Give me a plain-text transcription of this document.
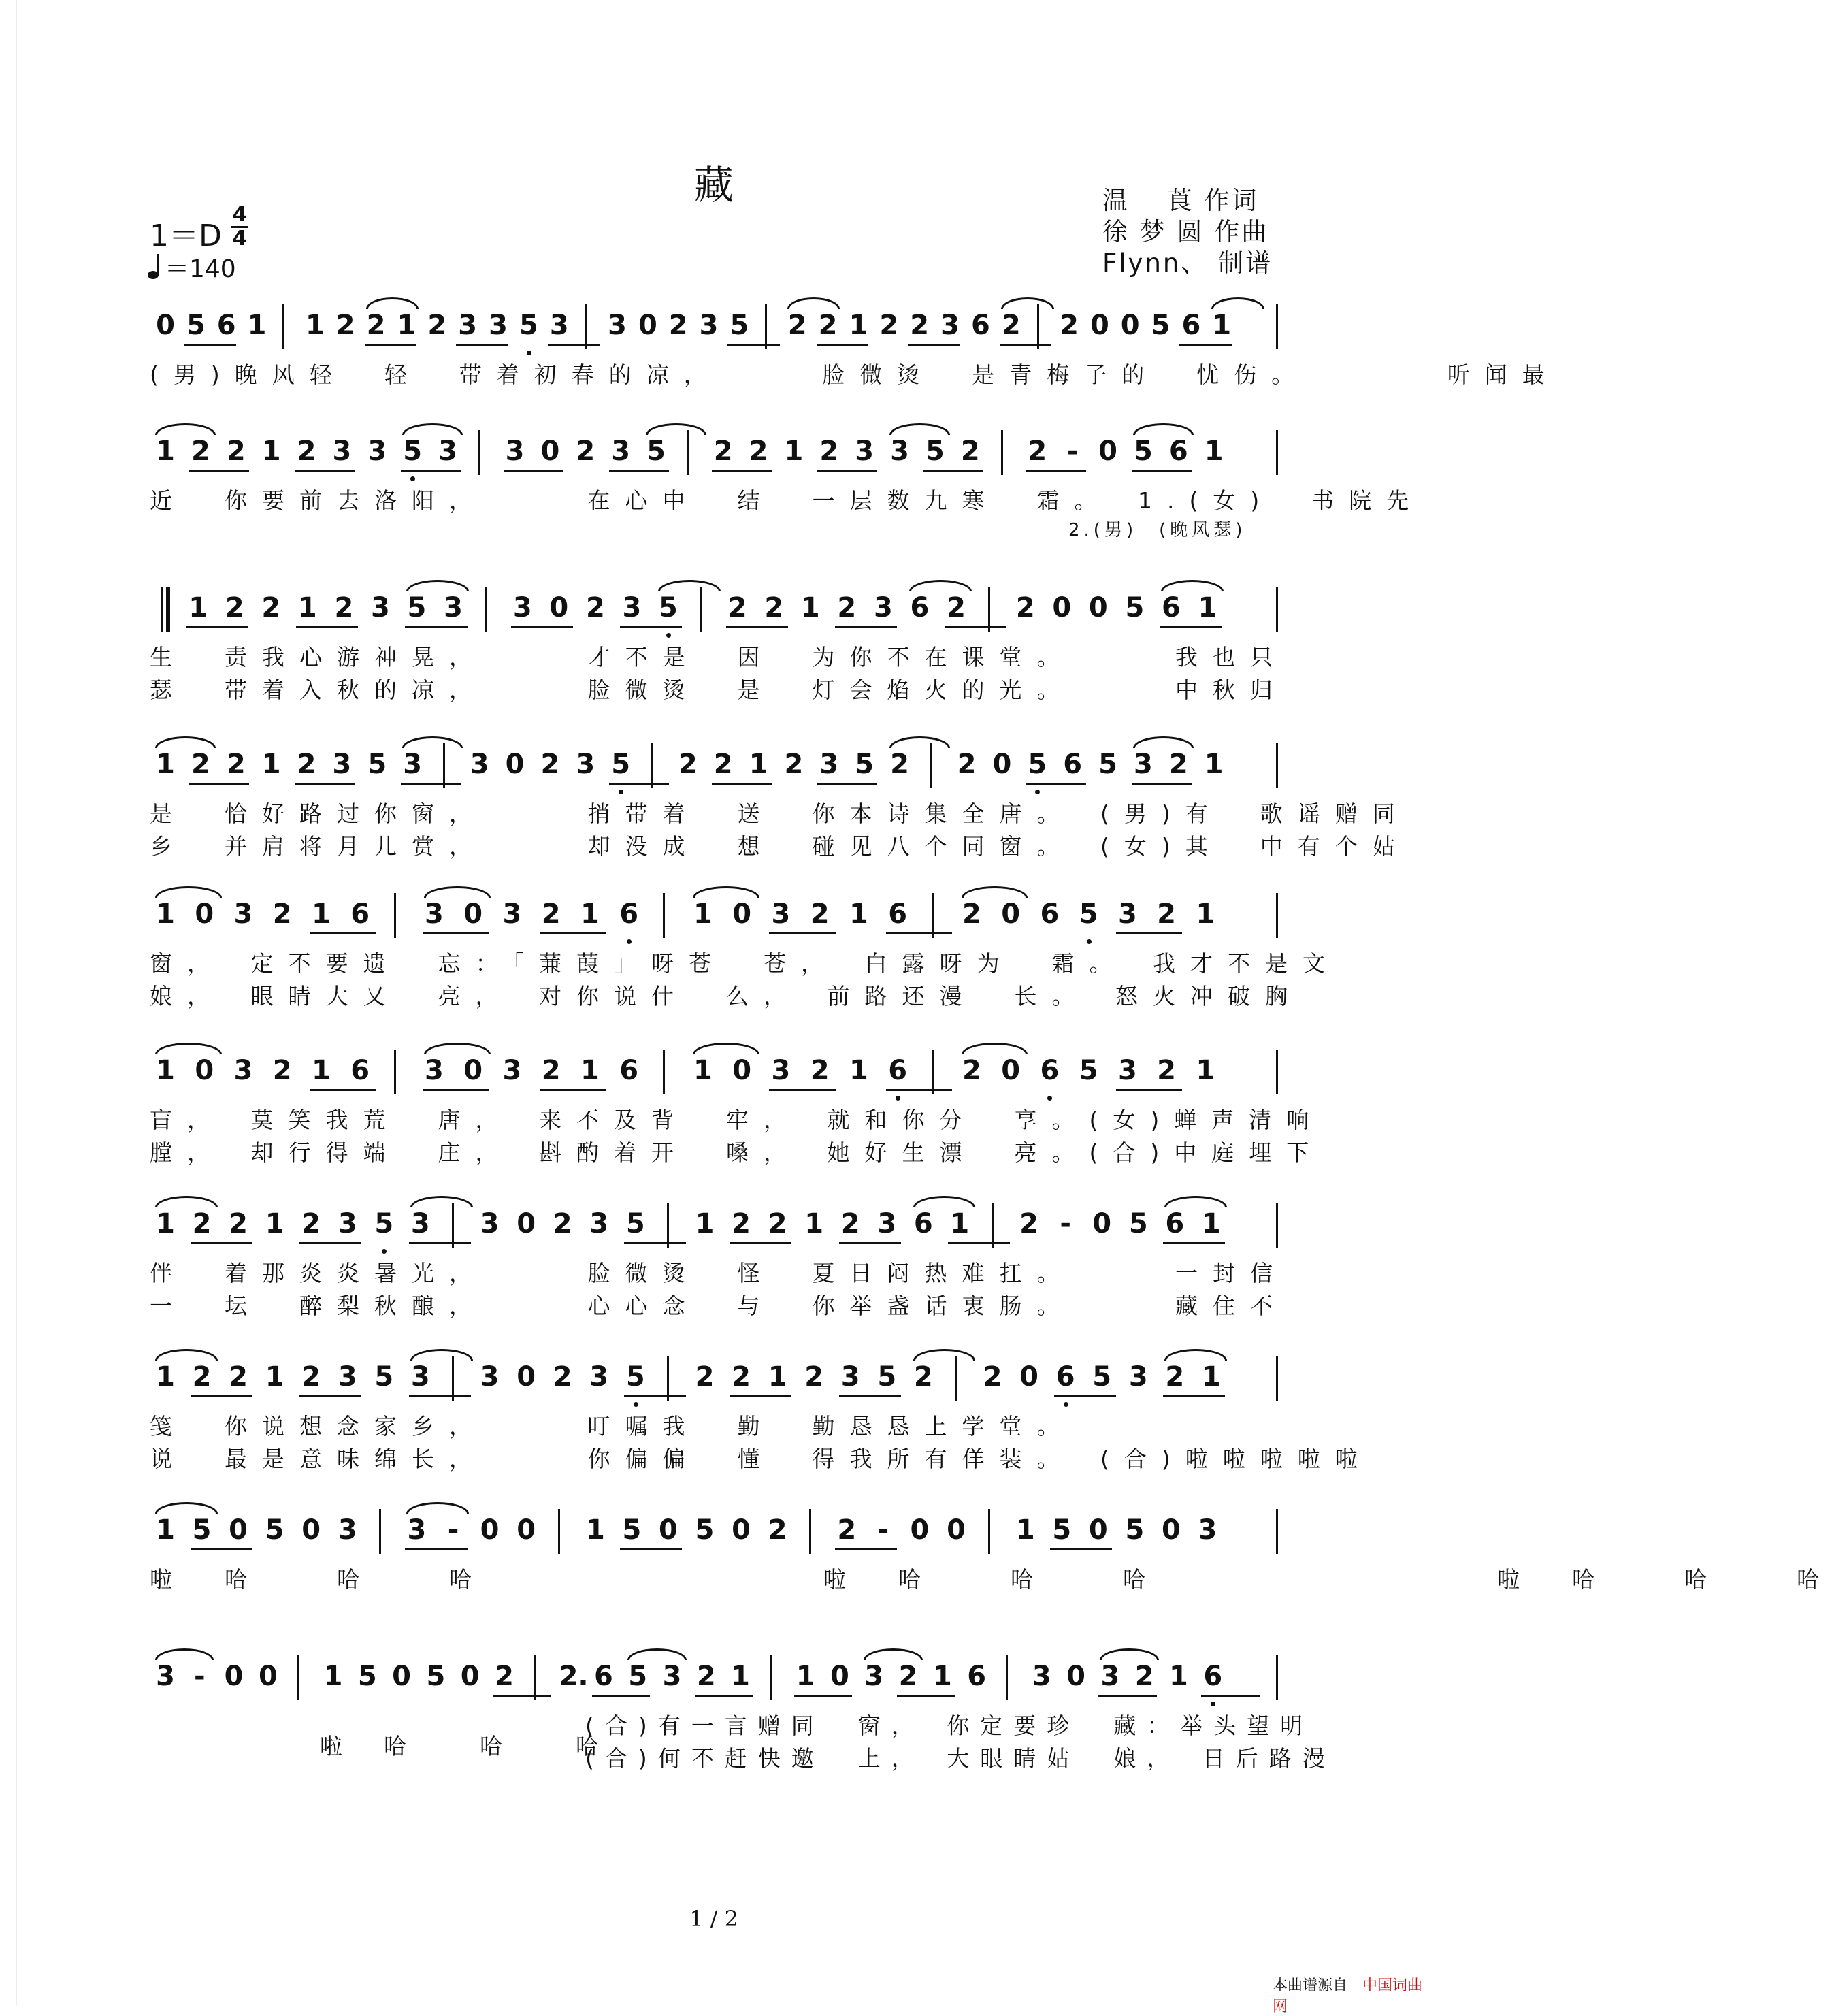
藏	温　 莨 作词
徐 梦 圆 作曲
Flynn、 制谱
1＝D
4
4
＝140
0 5 6 1 1 2 2 1 2 3 3 5 3 3 0 2 3 5 2 2 1 2 2 3 6 2 2 0 0 5 6 1
(男)晚风轻　轻　带着初春的凉，　　　脸微烫　是青梅子的　忧伤。　　　　听闻最
1 2 2 1 2 3 3 5 3 3 0 2 3 5 2 2 1 2 3 3 5 2 2 - 0 5 6 1
近　你要前去洛阳，　　　在心中　结　一层数九寒　霜。　1.(女)　书院先
2.(男)　(晚风瑟)
1 2 2 1 2 3 5 3 3 0 2 3 5 2 2 1 2 3 6 2 2 0 0 5 6 1
生　责我心游神晃，　　　才不是　因　为你不在课堂。　　　我也只
瑟　带着入秋的凉，　　　脸微烫　是　灯会焰火的光。　　　中秋归
1 2 2 1 2 3 5 3 3 0 2 3 5 2 2 1 2 3 5 2 2 0 5 6 5 3 2 1
是　恰好路过你窗，　　　捎带着　送　你本诗集全唐。　(男)有　歌谣赠同
乡　并肩将月儿赏，　　　却没成　想　碰见八个同窗。　(女)其　中有个姑
1 0 3 2 1 6 3 0 3 2 1 6 1 0 3 2 1 6 2 0 6 5 3 2 1
窗，　定不要遗　忘：「蒹葭」呀苍　苍，　白露呀为　霜。　我才不是文
娘，　眼睛大又　亮，　对你说什　么，　前路还漫　长。　怒火冲破胸
1 0 3 2 1 6 3 0 3 2 1 6 1 0 3 2 1 6 2 0 6 5 3 2 1
盲，　莫笑我荒　唐，　来不及背　牢，　就和你分　享。(女)蝉声清响
膛，　却行得端　庄，　斟酌着开　嗓，　她好生漂　亮。(合)中庭埋下
1 2 2 1 2 3 5 3 3 0 2 3 5 1 2 2 1 2 3 6 1 2 - 0 5 6 1
伴　着那炎炎暑光，　　　脸微烫　怪　夏日闷热难扛。　　　一封信
一　坛　醉梨秋酿，　　　心心念　与　你举盏话衷肠。　　　藏住不
1 2 2 1 2 3 5 3 3 0 2 3 5 2 2 1 2 3 5 2 2 0 6 5 3 2 1
笺　你说想念家乡，　　　叮嘱我　勤　勤恳恳上学堂。
说　最是意味绵长，　　　你偏偏　懂　得我所有佯装。　(合)啦啦啦啦啦
1 5 0 5 0 3 3 - 0 0 1 5 0 5 0 2 2 - 0 0 1 5 0 5 0 3
啦　哈　　哈　　哈　　　　　　　　　啦　哈　　哈　　哈　　　　　　　　　啦　哈　　哈　　哈
3 - 0 0 1 5 0 5 0 2 2. 6 5 3 2 1 1 0 3 2 1 6 3 0 3 2 1 6
(合)有一言赠同　窗，　你定要珍　藏：举头望明
(合)何不赶快邀　上，　大眼睛姑　娘，　日后路漫
啦　哈　　哈　　哈
1 / 2
本曲谱源自　 中国词曲网
